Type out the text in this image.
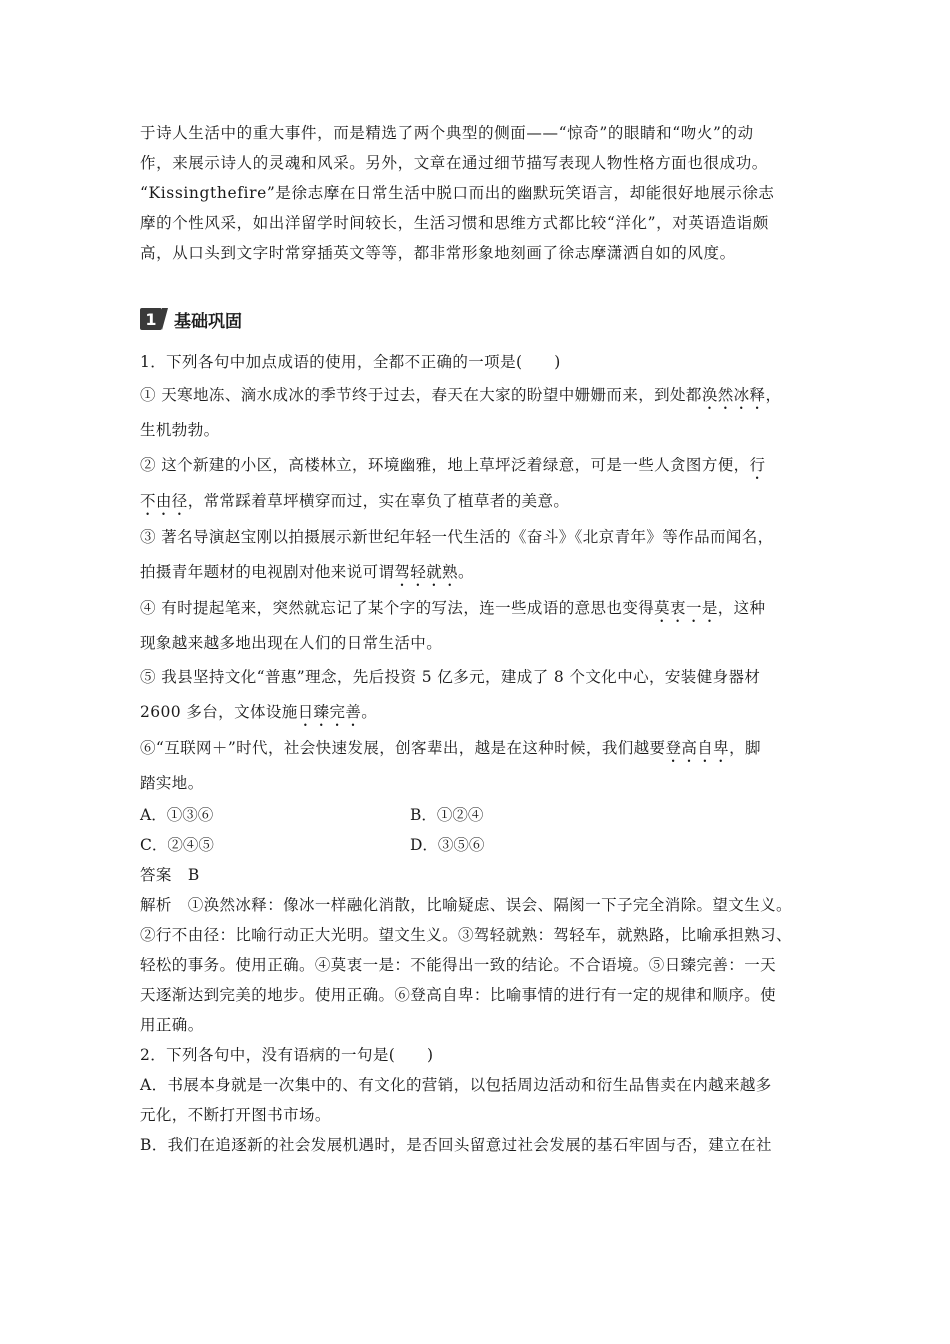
于诗人生活中的重大事件，而是精选了两个典型的侧面——“惊奇”的眼睛和“吻火”的动

作，来展示诗人的灵魂和风采。另外，文章在通过细节描写表现人物性格方面也很成功。

“Kissingthefire”是徐志摩在日常生活中脱口而出的幽默玩笑语言，却能很好地展示徐志

摩的个性风采，如出洋留学时间较长，生活习惯和思维方式都比较“洋化”，对英语造诣颇

高，从口头到文字时常穿插英文等等，都非常形象地刻画了徐志摩潇洒自如的风度。

1	基础巩固

1．下列各句中加点成语的使用，全都不正确的一项是(　　)

① 天寒地冻、滴水成冰的季节终于过去，春天在大家的盼望中姗姗而来，到处都涣然冰释，

生机勃勃。

② 这个新建的小区，高楼林立，环境幽雅，地上草坪泛着绿意，可是一些人贪图方便，行

不由径，常常踩着草坪横穿而过，实在辜负了植草者的美意。

③ 著名导演赵宝刚以拍摄展示新世纪年轻一代生活的《奋斗》《北京青年》等作品而闻名，

拍摄青年题材的电视剧对他来说可谓驾轻就熟。

④ 有时提起笔来，突然就忘记了某个字的写法，连一些成语的意思也变得莫衷一是，这种

现象越来越多地出现在人们的日常生活中。

⑤ 我县坚持文化“普惠”理念，先后投资 5 亿多元，建成了 8 个文化中心，安装健身器材

2600 多台，文体设施日臻完善。

⑥“互联网＋”时代，社会快速发展，创客辈出，越是在这种时候，我们越要登高自卑，脚

踏实地。

A．①③⑥	B．①②④
C．②④⑤	D．③⑤⑥

答案 B

解析　①涣然冰释：像冰一样融化消散，比喻疑虑、误会、隔阂一下子完全消除。望文生义。

②行不由径：比喻行动正大光明。望文生义。③驾轻就熟：驾轻车，就熟路，比喻承担熟习、

轻松的事务。使用正确。④莫衷一是：不能得出一致的结论。不合语境。⑤日臻完善：一天

天逐渐达到完美的地步。使用正确。⑥登高自卑：比喻事情的进行有一定的规律和顺序。使

用正确。

2．下列各句中，没有语病的一句是(　　)

A．书展本身就是一次集中的、有文化的营销，以包括周边活动和衍生品售卖在内越来越多

元化，不断打开图书市场。

B．我们在追逐新的社会发展机遇时，是否回头留意过社会发展的基石牢固与否，建立在社
